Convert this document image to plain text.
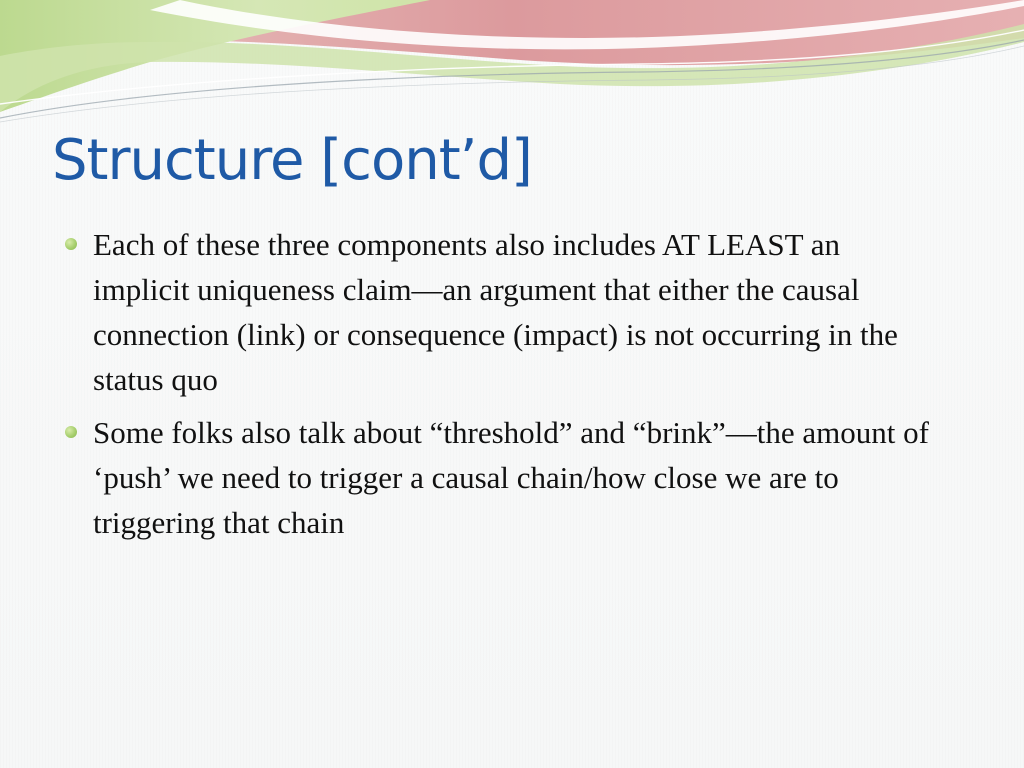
Structure [cont’d]
Each of these three components also includes AT LEAST an implicit uniqueness claim—an argument that either the causal connection (link) or consequence (impact) is not occurring in the status quo
Some folks also talk about “threshold” and “brink”—the amount of ‘push’ we need to trigger a causal chain/how close we are to triggering that chain
